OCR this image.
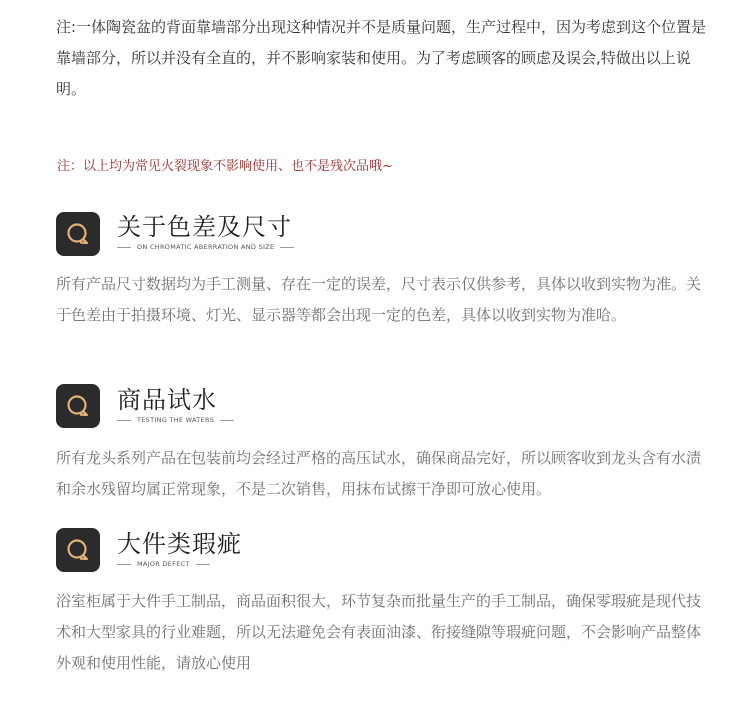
注:一体陶瓷盆的背面靠墙部分出现这种情况并不是质量问题，生产过程中，因为考虑到这个位置是靠墙部分，所以并没有全直的，并不影响家装和使用。为了考虑顾客的顾虑及误会,特做出以上说明。
注：以上均为常见火裂现象不影响使用、也不是残次品哦~
关于色差及尺寸
ON CHROMATIC ABERRATION AND SIZE
所有产品尺寸数据均为手工测量、存在一定的误差，尺寸表示仅供参考，具体以收到实物为准。关于色差由于拍摄环境、灯光、显示器等都会出现一定的色差，具体以收到实物为准哈。
商品试水
TESTING THE WATERS
所有龙头系列产品在包装前均会经过严格的高压试水，确保商品完好，所以顾客收到龙头含有水渍和余水残留均属正常现象，不是二次销售，用抹布试擦干净即可放心使用。
大件类瑕疵
MAJOR DEFECT
浴室柜属于大件手工制品，商品面积很大，环节复杂而批量生产的手工制品，确保零瑕疵是现代技术和大型家具的行业难题，所以无法避免会有表面油漆、衔接缝隙等瑕疵问题，不会影响产品整体外观和使用性能，请放心使用
